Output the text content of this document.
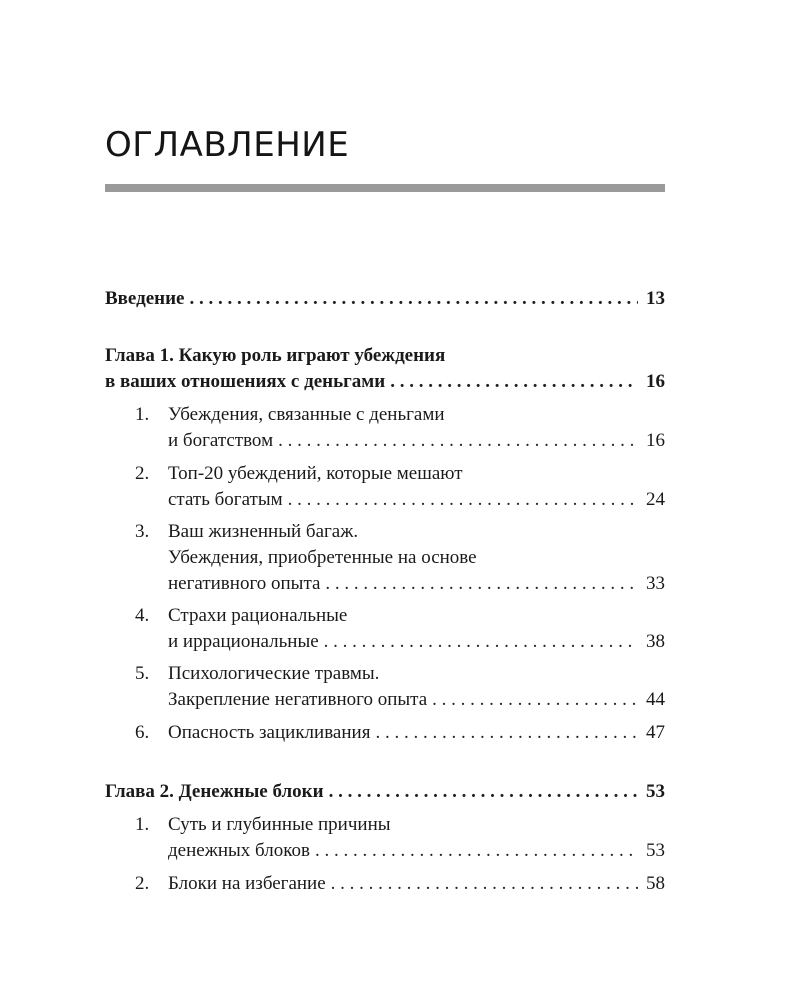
ОГЛАВЛЕНИЕ
Введение . . .	13
Глава 1. Какую роль играют убеждения
в ваших отношениях с деньгами . . .	16
1. Убеждения, связанные с деньгами
и богатством . . .	16
2. Топ-20 убеждений, которые мешают
стать богатым . . .	24
3. Ваш жизненный багаж.
Убеждения, приобретенные на основе
негативного опыта . . .	33
4. Страхи рациональные
и иррациональные . . .	38
5. Психологические травмы.
Закрепление негативного опыта . . .	44
6. Опасность зацикливания . . .	47
Глава 2. Денежные блоки . . .	53
1. Суть и глубинные причины
денежных блоков . . .	53
2. Блоки на избегание . . .	58
